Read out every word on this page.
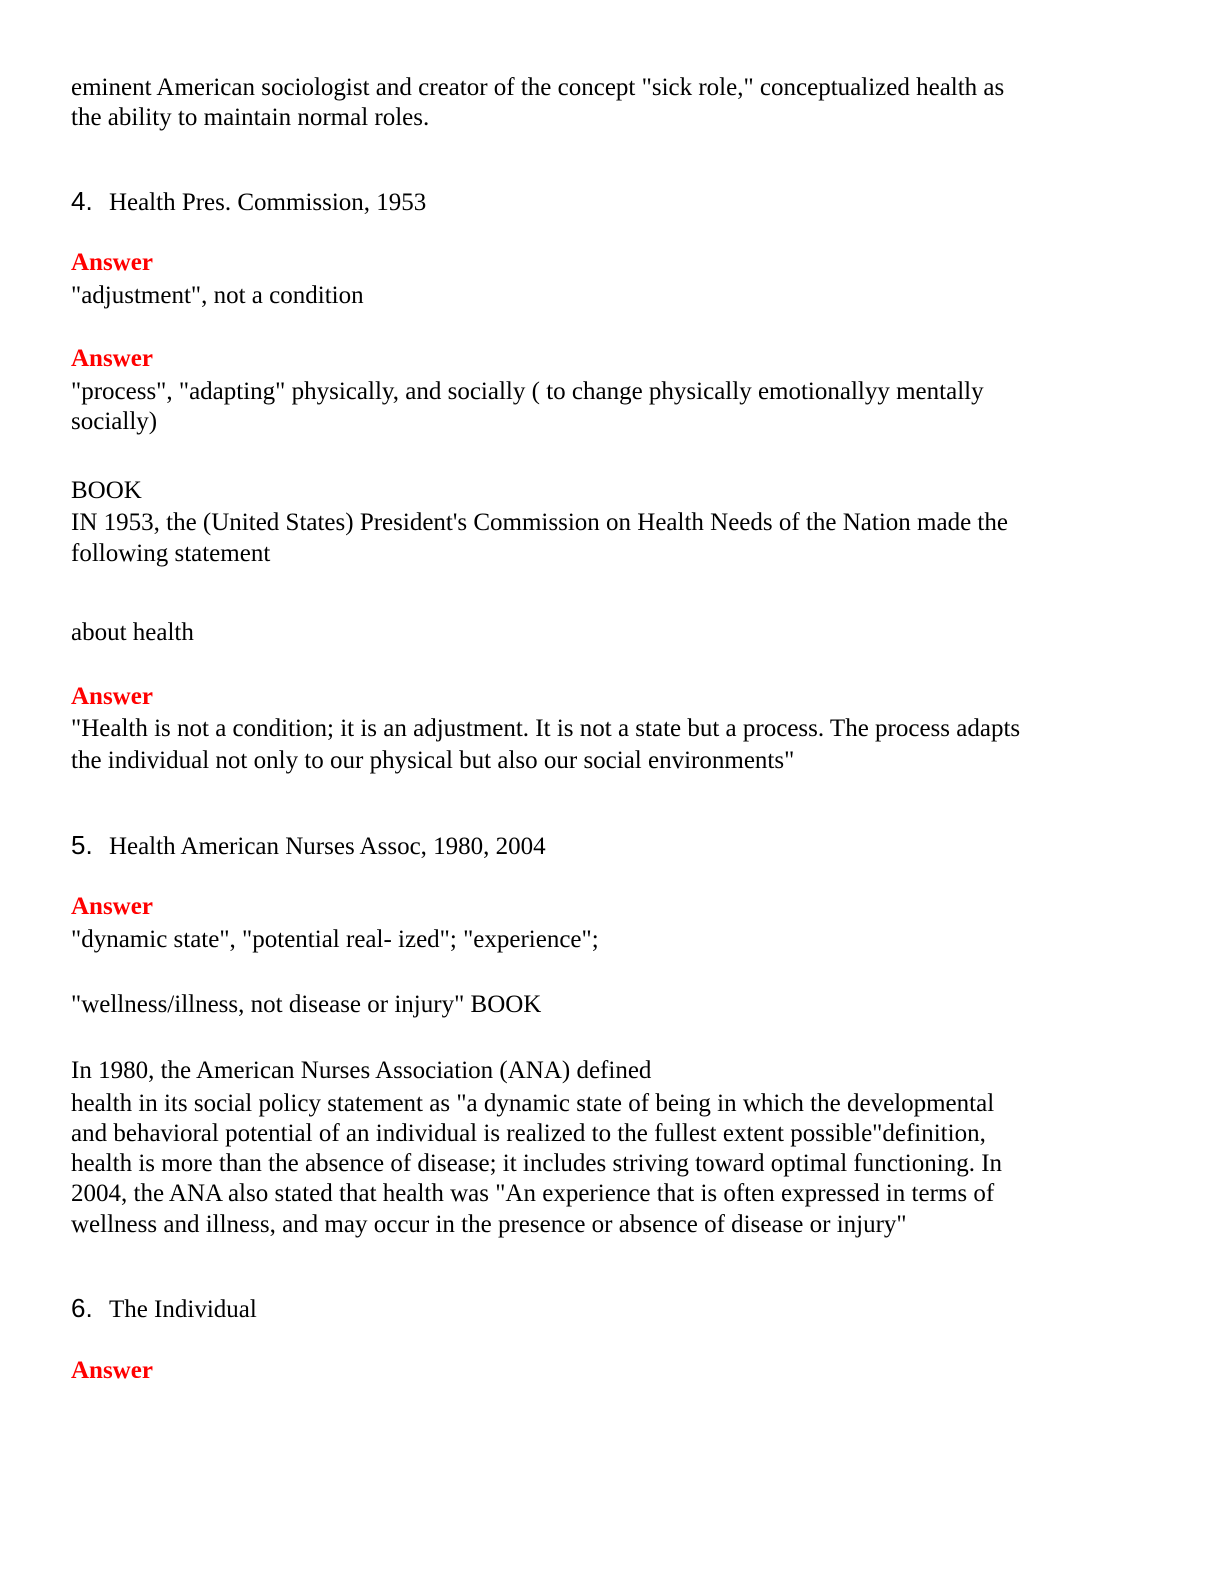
eminent American sociologist and creator of the concept "sick role," conceptualized health as
the ability to maintain normal roles.
4. Health Pres. Commission, 1953
Answer
"adjustment", not a condition
Answer
"process", "adapting" physically, and socially ( to change physically emotionallyy mentally
socially)
BOOK
IN 1953, the (United States) President's Commission on Health Needs of the Nation made the
following statement
about health
Answer
"Health is not a condition; it is an adjustment. It is not a state but a process. The process adapts
the individual not only to our physical but also our social environments"
5. Health American Nurses Assoc, 1980, 2004
Answer
"dynamic state", "potential real- ized"; "experience";
"wellness/illness, not disease or injury" BOOK
In 1980, the American Nurses Association (ANA) defined
health in its social policy statement as "a dynamic state of being in which the developmental
and behavioral potential of an individual is realized to the fullest extent possible"definition,
health is more than the absence of disease; it includes striving toward optimal functioning. In
2004, the ANA also stated that health was "An experience that is often expressed in terms of
wellness and illness, and may occur in the presence or absence of disease or injury"
6. The Individual
Answer
